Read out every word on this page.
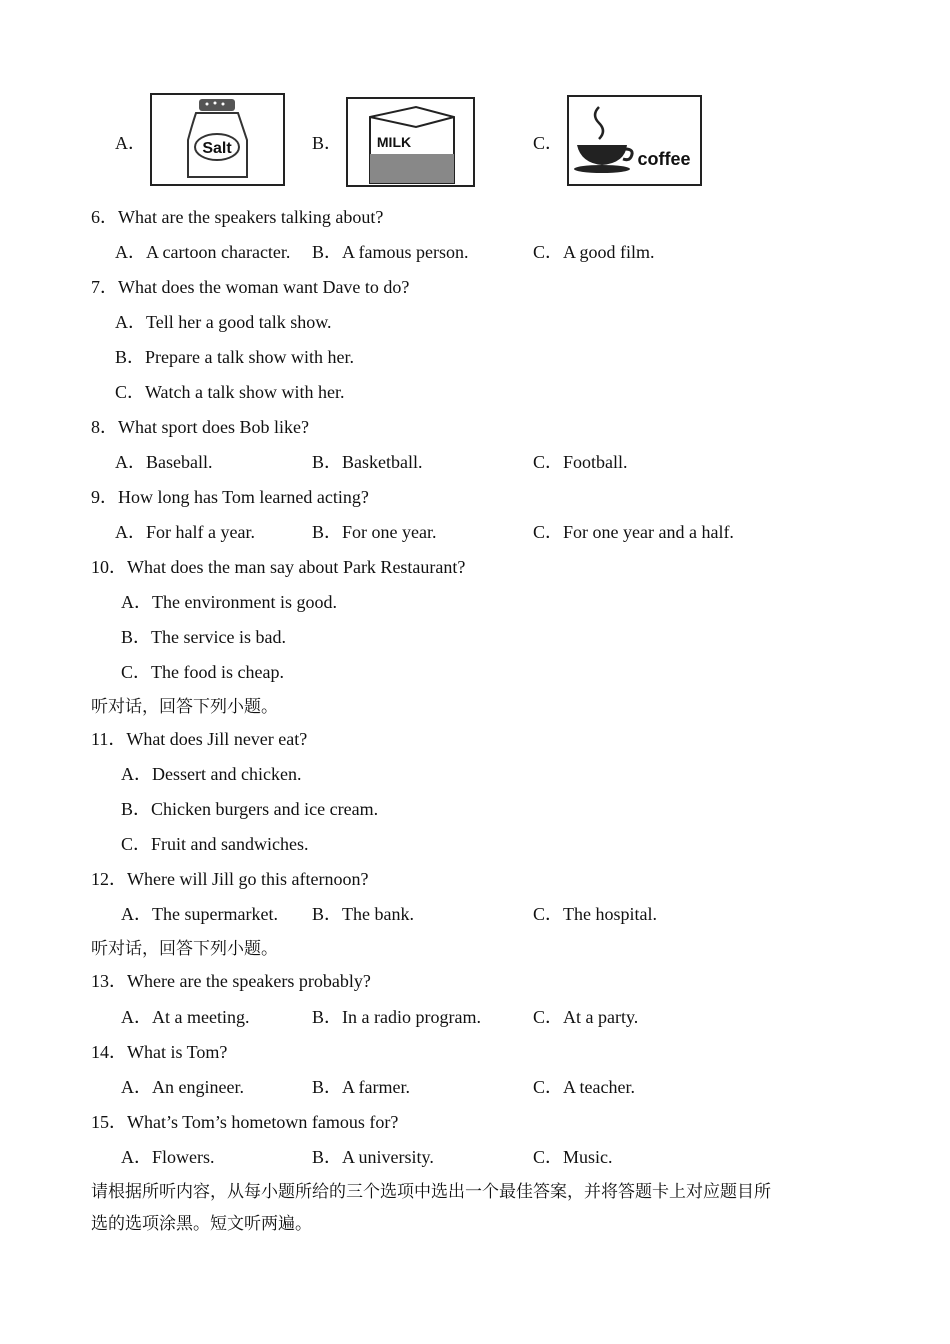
A．	Salt	B． MILK	C．
coffee
6．What are the speakers talking about?
A．A cartoon character. B．A famous person.	C．A good film.
7．What does the woman want Dave to do?
A．Tell her a good talk show.
B．Prepare a talk show with her.
C．Watch a talk show with her.
8．What sport does Bob like?
A．Baseball.	B．Basketball.	C．Football.
9．How long has Tom learned acting?
A．For half a year.	B．For one year.	C．For one year and a half.
10．What does the man say about Park Restaurant?
A．The environment is good.
B．The service is bad.
C．The food is cheap.
听对话，回答下列小题。
11．What does Jill never eat?
A．Dessert and chicken.
B．Chicken burgers and ice cream.
C．Fruit and sandwiches.
12．Where will Jill go this afternoon?
A．The supermarket. B．The bank.	C．The hospital.
听对话，回答下列小题。
13．Where are the speakers probably?
A．At a meeting.	B．In a radio program.	C．At a party.
14．What is Tom?
A．An engineer.	B．A farmer.	C．A teacher.
15．What’s Tom’s hometown famous for?
A．Flowers.	B．A university.	C．Music.
请根据所听内容，从每小题所给的三个选项中选出一个最佳答案，并将答题卡上对应题目所
选的选项涂黑。短文听两遍。
